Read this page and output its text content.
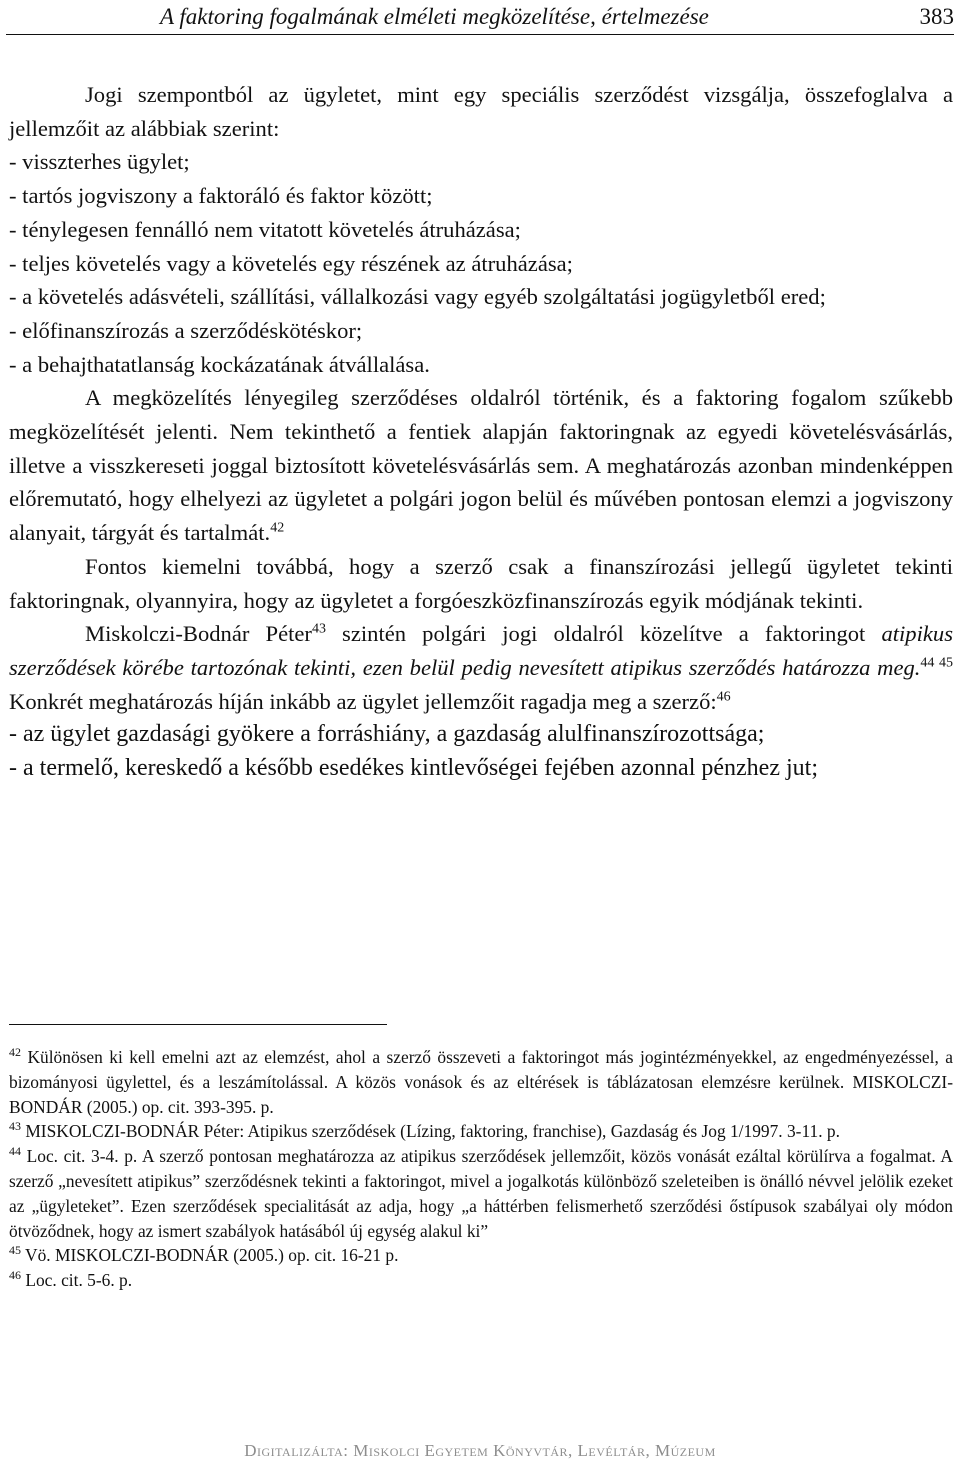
A faktoring fogalmának elméleti megközelítése, értelmezése	383

Jogi szempontból az ügyletet, mint egy speciális szerződést vizsgálja, összefoglalva a jellemzőit az alábbiak szerint:

- visszterhes ügylet;

- tartós jogviszony a faktoráló és faktor között;

- ténylegesen fennálló nem vitatott követelés átruházása;

- teljes követelés vagy a követelés egy részének az átruházása;

- a követelés adásvételi, szállítási, vállalkozási vagy egyéb szolgáltatási jogügyletből ered;

- előfinanszírozás a szerződéskötéskor;

- a behajthatatlanság kockázatának átvállalása.

A megközelítés lényegileg szerződéses oldalról történik, és a faktoring fogalom szűkebb megközelítését jelenti. Nem tekinthető a fentiek alapján faktoringnak az egyedi követelésvásárlás, illetve a visszkereseti joggal biztosított követelésvásárlás sem. A meghatározás azonban mindenképpen előremutató, hogy elhelyezi az ügyletet a polgári jogon belül és művében pontosan elemzi a jogviszony alanyait, tárgyát és tartalmát.$^{42}$

Fontos kiemelni továbbá, hogy a szerző csak a finanszírozási jellegű ügyletet tekinti faktoringnak, olyannyira, hogy az ügyletet a forgóeszközfinanszírozás egyik módjának tekinti.

Miskolczi-Bodnár Péter$^{43}$ szintén polgári jogi oldalról közelítve a faktoringot atipikus szerződések körébe tartozónak tekinti, ezen belül pedig nevesített atipikus szerződés határozza meg.$^{44 45}$ Konkrét meghatározás híján inkább az ügylet jellemzőit ragadja meg a szerző:$^{46}$

- az ügylet gazdasági gyökere a forráshiány, a gazdaság alulfinanszírozottsága;

- a termelő, kereskedő a később esedékes kintlevőségei fejében azonnal pénzhez jut;

$^{42}$ Különösen ki kell emelni azt az elemzést, ahol a szerző összeveti a faktoringot más jogintézményekkel, az engedményezéssel, a bizományosi ügylettel, és a leszámítolással. A közös vonások és az eltérések is táblázatosan elemzésre kerülnek. MISKOLCZI-BONDÁR (2005.) op. cit. 393-395. p.

$^{43}$ MISKOLCZI-BODNÁR Péter: Atipikus szerződések (Lízing, faktoring, franchise), Gazdaság és Jog 1/1997. 3-11. p.

$^{44}$ Loc. cit. 3-4. p. A szerző pontosan meghatározza az atipikus szerződések jellemzőit, közös vonását ezáltal körülírva a fogalmat. A szerző „nevesített atipikus” szerződésnek tekinti a faktoringot, mivel a jogalkotás különböző szeleteiben is önálló névvel jelölik ezeket az „ügyleteket”. Ezen szerződések specialitását az adja, hogy „a háttérben felismerhető szerződési őstípusok szabályai oly módon ötvöződnek, hogy az ismert szabályok hatásából új egység alakul ki”

$^{45}$ Vö. MISKOLCZI-BODNÁR (2005.) op. cit. 16-21 p.

$^{46}$ Loc. cit. 5-6. p.

Digitalizálta: Miskolci Egyetem Könyvtár, Levéltár, Múzeum
